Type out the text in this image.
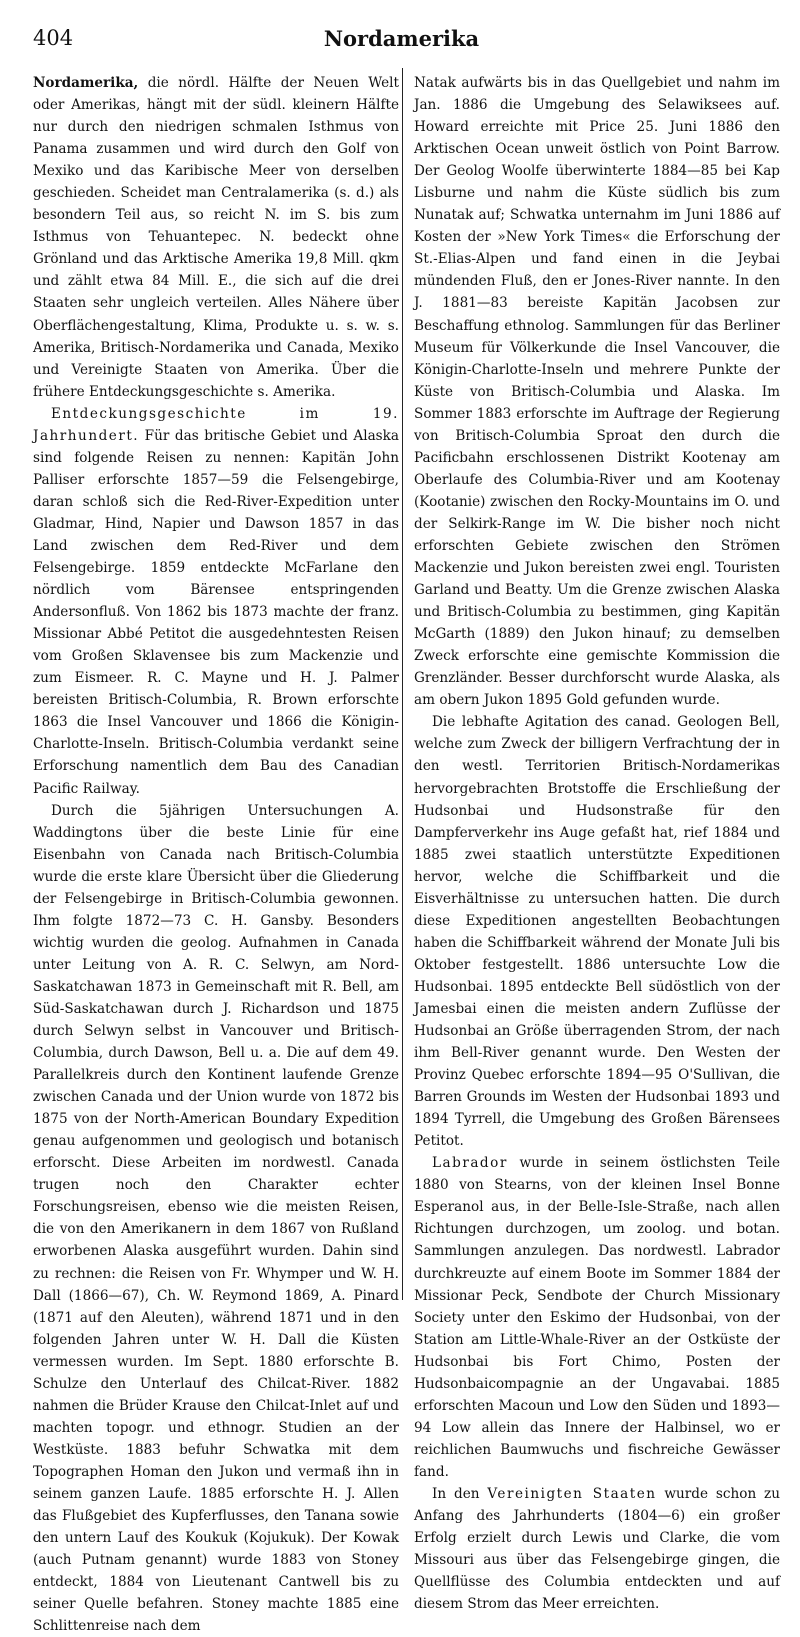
404	Nordamerika

Nordamerika, die nördl. Hälfte der Neuen Welt oder Amerikas, hängt mit der südl. kleinern Hälfte nur durch den niedrigen schmalen Isthmus von Panama zusammen und wird durch den Golf von Mexiko und das Karibische Meer von derselben geschieden. Scheidet man Centralamerika (s. d.) als besondern Teil aus, so reicht N. im S. bis zum Isthmus von Tehuantepec. N. bedeckt ohne Grönland und das Arktische Amerika 19,8 Mill. qkm und zählt etwa 84 Mill. E., die sich auf die drei Staaten sehr ungleich verteilen. Alles Nähere über Oberflächengestaltung, Klima, Produkte u. s. w. s. Amerika, Britisch-Nordamerika und Canada, Mexiko und Vereinigte Staaten von Amerika. Über die frühere Entdeckungsgeschichte s. Amerika.

Entdeckungsgeschichte im 19. Jahrhundert. Für das britische Gebiet und Alaska sind folgende Reisen zu nennen: Kapitän John Palliser erforschte 1857—59 die Felsengebirge, daran schloß sich die Red-River-Expedition unter Gladmar, Hind, Napier und Dawson 1857 in das Land zwischen dem Red-River und dem Felsengebirge. 1859 entdeckte McFarlane den nördlich vom Bärensee entspringenden Andersonfluß. Von 1862 bis 1873 machte der franz. Missionar Abbé Petitot die ausgedehntesten Reisen vom Großen Sklavensee bis zum Mackenzie und zum Eismeer. R. C. Mayne und H. J. Palmer bereisten Britisch-Columbia, R. Brown erforschte 1863 die Insel Vancouver und 1866 die Königin-Charlotte-Inseln. Britisch-Columbia verdankt seine Erforschung namentlich dem Bau des Canadian Pacific Railway.

Durch die 5jährigen Untersuchungen A. Waddingtons über die beste Linie für eine Eisenbahn von Canada nach Britisch-Columbia wurde die erste klare Übersicht über die Gliederung der Felsengebirge in Britisch-Columbia gewonnen. Ihm folgte 1872—73 C. H. Gansby. Besonders wichtig wurden die geolog. Aufnahmen in Canada unter Leitung von A. R. C. Selwyn, am Nord-Saskatchawan 1873 in Gemeinschaft mit R. Bell, am Süd-Saskatchawan durch J. Richardson und 1875 durch Selwyn selbst in Vancouver und Britisch-Columbia, durch Dawson, Bell u. a. Die auf dem 49. Parallelkreis durch den Kontinent laufende Grenze zwischen Canada und der Union wurde von 1872 bis 1875 von der North-American Boundary Expedition genau aufgenommen und geologisch und botanisch erforscht. Diese Arbeiten im nordwestl. Canada trugen noch den Charakter echter Forschungsreisen, ebenso wie die meisten Reisen, die von den Amerikanern in dem 1867 von Rußland erworbenen Alaska ausgeführt wurden. Dahin sind zu rechnen: die Reisen von Fr. Whymper und W. H. Dall (1866—67), Ch. W. Reymond 1869, A. Pinard (1871 auf den Aleuten), während 1871 und in den folgenden Jahren unter W. H. Dall die Küsten vermessen wurden. Im Sept. 1880 erforschte B. Schulze den Unterlauf des Chilcat-River. 1882 nahmen die Brüder Krause den Chilcat-Inlet auf und machten topogr. und ethnogr. Studien an der Westküste. 1883 befuhr Schwatka mit dem Topographen Homan den Jukon und vermaß ihn in seinem ganzen Laufe. 1885 erforschte H. J. Allen das Flußgebiet des Kupferflusses, den Tanana sowie den untern Lauf des Koukuk (Kojukuk). Der Kowak (auch Putnam genannt) wurde 1883 von Stoney entdeckt, 1884 von Lieutenant Cantwell bis zu seiner Quelle befahren. Stoney machte 1885 eine Schlittenreise nach dem

Natak aufwärts bis in das Quellgebiet und nahm im Jan. 1886 die Umgebung des Selawiksees auf. Howard erreichte mit Price 25. Juni 1886 den Arktischen Ocean unweit östlich von Point Barrow. Der Geolog Woolfe überwinterte 1884—85 bei Kap Lisburne und nahm die Küste südlich bis zum Nunatak auf; Schwatka unternahm im Juni 1886 auf Kosten der »New York Times« die Erforschung der St.-Elias-Alpen und fand einen in die Jeybai mündenden Fluß, den er Jones-River nannte. In den J. 1881—83 bereiste Kapitän Jacobsen zur Beschaffung ethnolog. Sammlungen für das Berliner Museum für Völkerkunde die Insel Vancouver, die Königin-Charlotte-Inseln und mehrere Punkte der Küste von Britisch-Columbia und Alaska. Im Sommer 1883 erforschte im Auftrage der Regierung von Britisch-Columbia Sproat den durch die Pacificbahn erschlossenen Distrikt Kootenay am Oberlaufe des Columbia-River und am Kootenay (Kootanie) zwischen den Rocky-Mountains im O. und der Selkirk-Range im W. Die bisher noch nicht erforschten Gebiete zwischen den Strömen Mackenzie und Jukon bereisten zwei engl. Touristen Garland und Beatty. Um die Grenze zwischen Alaska und Britisch-Columbia zu bestimmen, ging Kapitän McGarth (1889) den Jukon hinauf; zu demselben Zweck erforschte eine gemischte Kommission die Grenzländer. Besser durchforscht wurde Alaska, als am obern Jukon 1895 Gold gefunden wurde.

Die lebhafte Agitation des canad. Geologen Bell, welche zum Zweck der billigern Verfrachtung der in den westl. Territorien Britisch-Nordamerikas hervorgebrachten Brotstoffe die Erschließung der Hudsonbai und Hudsonstraße für den Dampferverkehr ins Auge gefaßt hat, rief 1884 und 1885 zwei staatlich unterstützte Expeditionen hervor, welche die Schiffbarkeit und die Eisverhältnisse zu untersuchen hatten. Die durch diese Expeditionen angestellten Beobachtungen haben die Schiffbarkeit während der Monate Juli bis Oktober festgestellt. 1886 untersuchte Low die Hudsonbai. 1895 entdeckte Bell südöstlich von der Jamesbai einen die meisten andern Zuflüsse der Hudsonbai an Größe überragenden Strom, der nach ihm Bell-River genannt wurde. Den Westen der Provinz Quebec erforschte 1894—95 O'Sullivan, die Barren Grounds im Westen der Hudsonbai 1893 und 1894 Tyrrell, die Umgebung des Großen Bärensees Petitot.

Labrador wurde in seinem östlichsten Teile 1880 von Stearns, von der kleinen Insel Bonne Esperanol aus, in der Belle-Isle-Straße, nach allen Richtungen durchzogen, um zoolog. und botan. Sammlungen anzulegen. Das nordwestl. Labrador durchkreuzte auf einem Boote im Sommer 1884 der Missionar Peck, Sendbote der Church Missionary Society unter den Eskimo der Hudsonbai, von der Station am Little-Whale-River an der Ostküste der Hudsonbai bis Fort Chimo, Posten der Hudsonbaicompagnie an der Ungavabai. 1885 erforschten Macoun und Low den Süden und 1893—94 Low allein das Innere der Halbinsel, wo er reichlichen Baumwuchs und fischreiche Gewässer fand.

In den Vereinigten Staaten wurde schon zu Anfang des Jahrhunderts (1804—6) ein großer Erfolg erzielt durch Lewis und Clarke, die vom Missouri aus über das Felsengebirge gingen, die Quellflüsse des Columbia entdeckten und auf diesem Strom das Meer erreichten.
